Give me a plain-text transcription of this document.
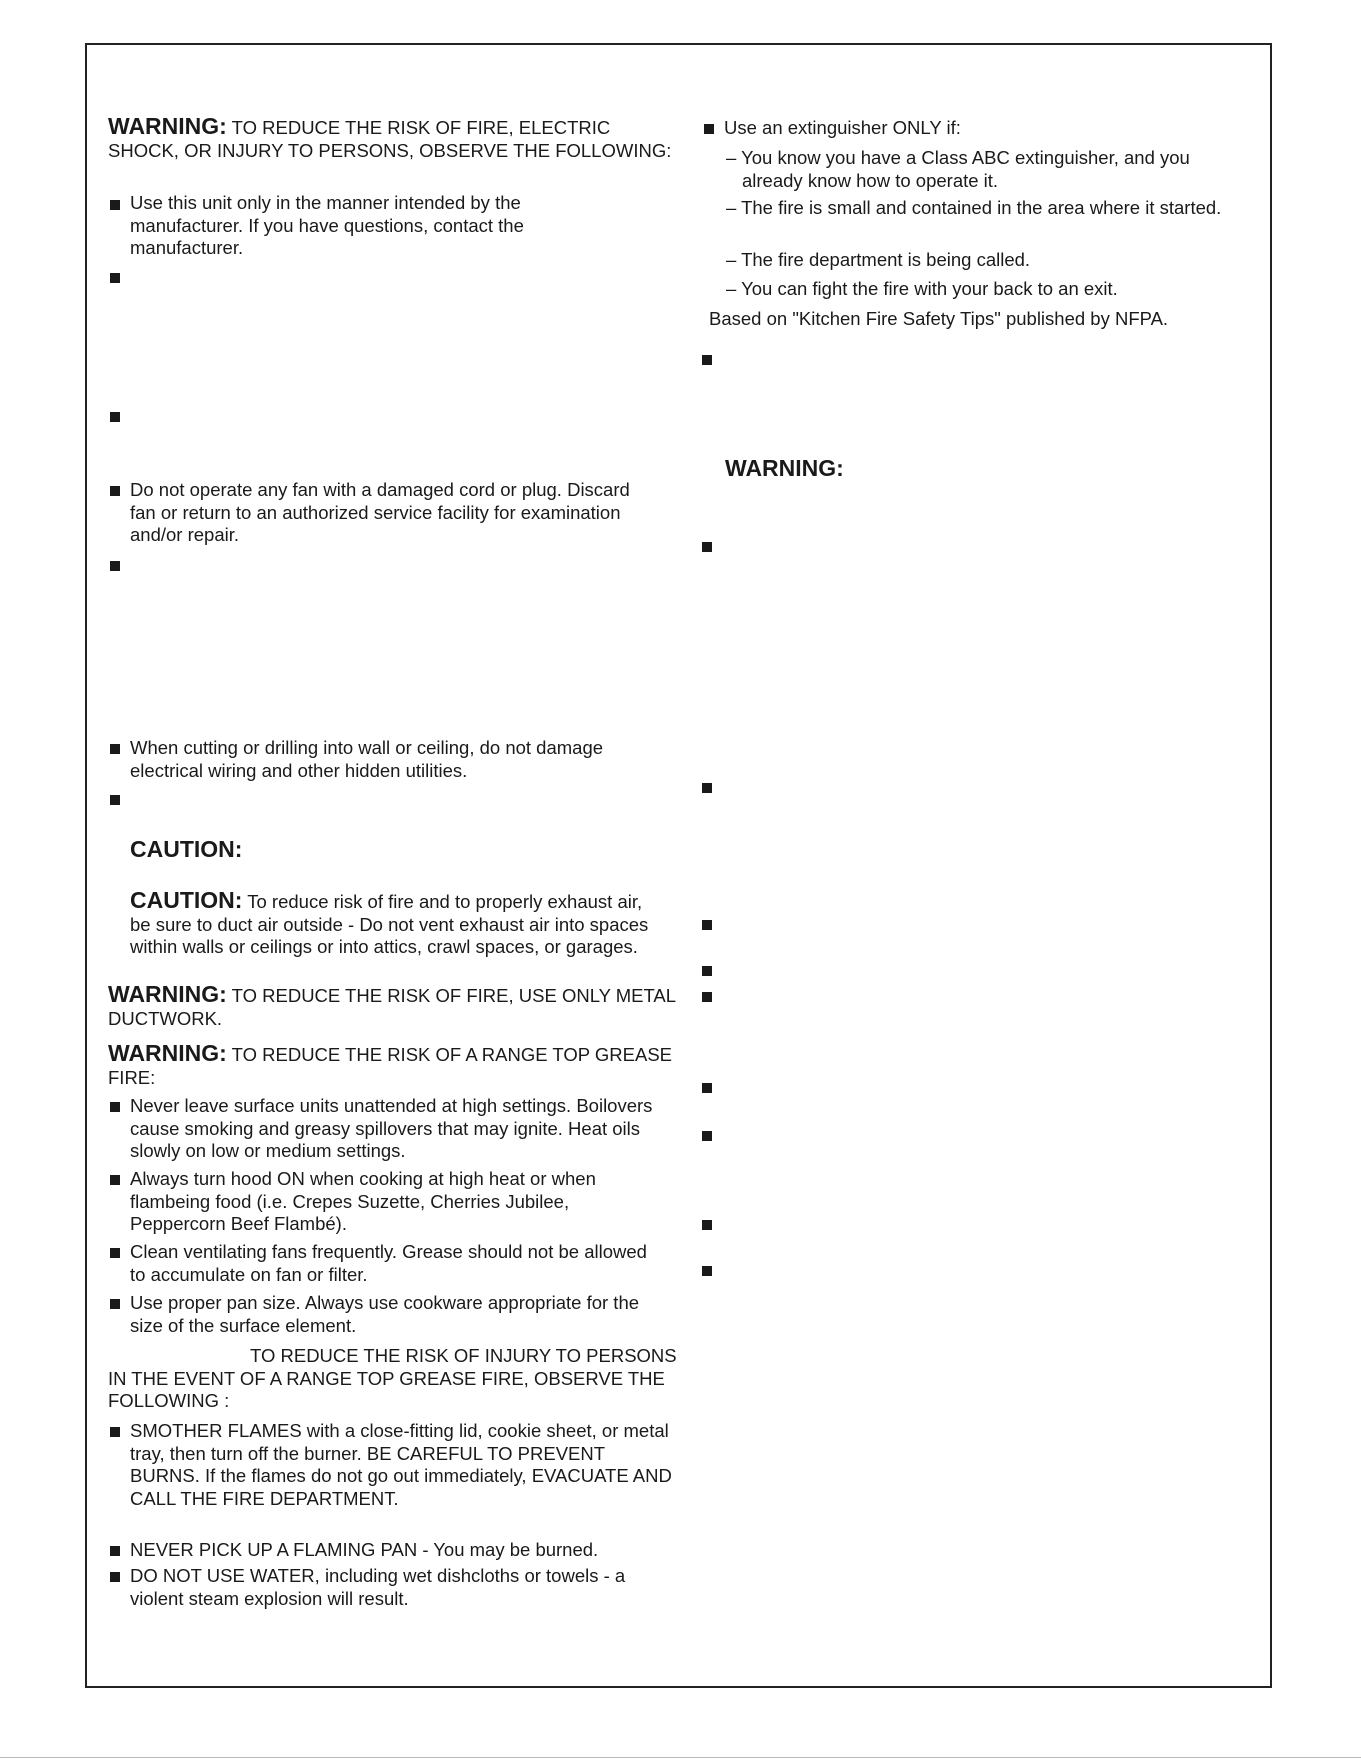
WARNING: TO REDUCE THE RISK OF FIRE, ELECTRIC SHOCK, OR INJURY TO PERSONS, OBSERVE THE FOLLOWING:
Use this unit only in the manner intended by the manufacturer. If you have questions, contact the manufacturer.
Do not operate any fan with a damaged cord or plug. Discard fan or return to an authorized service facility for examination and/or repair.
When cutting or drilling into wall or ceiling, do not damage electrical wiring and other hidden utilities.
CAUTION:
CAUTION: To reduce risk of fire and to properly exhaust air, be sure to duct air outside - Do not vent exhaust air into spaces within walls or ceilings or into attics, crawl spaces, or garages.
WARNING: TO REDUCE THE RISK OF FIRE, USE ONLY METAL DUCTWORK.
WARNING: TO REDUCE THE RISK OF A RANGE TOP GREASE FIRE:
Never leave surface units unattended at high settings. Boilovers cause smoking and greasy spillovers that may ignite. Heat oils slowly on low or medium settings.
Always turn hood ON when cooking at high heat or when flambeing food (i.e. Crepes Suzette, Cherries Jubilee, Peppercorn Beef Flambé).
Clean ventilating fans frequently. Grease should not be allowed to accumulate on fan or filter.
Use proper pan size. Always use cookware appropriate for the size of the surface element.
TO REDUCE THE RISK OF INJURY TO PERSONS IN THE EVENT OF A RANGE TOP GREASE FIRE, OBSERVE THE FOLLOWING :
SMOTHER FLAMES with a close-fitting lid, cookie sheet, or metal tray, then turn off the burner. BE CAREFUL TO PREVENT BURNS. If the flames do not go out immediately, EVACUATE AND CALL THE FIRE DEPARTMENT.
NEVER PICK UP A FLAMING PAN - You may be burned.
DO NOT USE WATER, including wet dishcloths or towels - a violent steam explosion will result.
Use an extinguisher ONLY if:
– You know you have a Class ABC extinguisher, and you already know how to operate it.
– The fire is small and contained in the area where it started.
– The fire department is being called.
– You can fight the fire with your back to an exit.
Based on "Kitchen Fire Safety Tips" published by NFPA.
WARNING:
